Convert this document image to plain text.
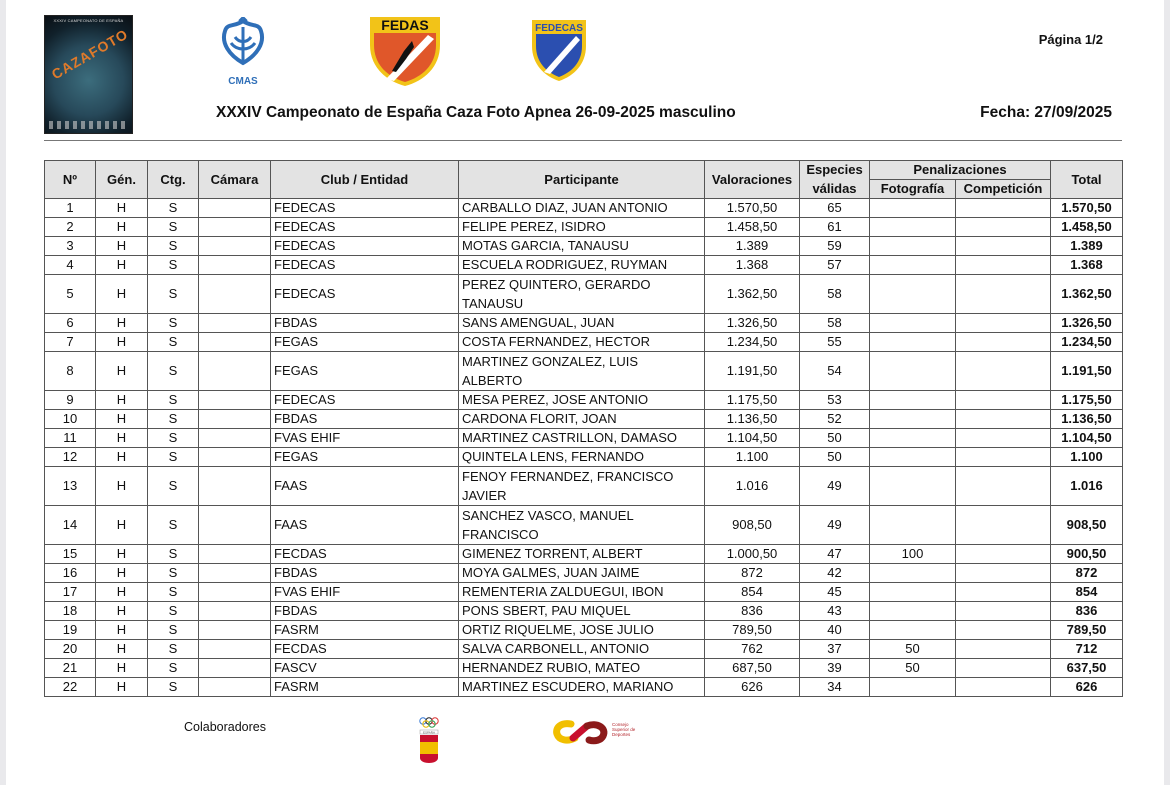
XXXIV CAMPEONATO DE ESPAÑA
CAZAFOTO	CMAS
FEDAS	FEDECAS
Página 1/2
XXXIV Campeonato de España Caza Foto Apnea 26-09-2025 masculino	Fecha: 27/09/2025
Nº	Gén.	Ctg.	Cámara	Club / Entidad	Participante	Valoraciones	Especies	Penalizaciones		Total
							válidas	Fotografía	Competición	
1	H	S		FEDECAS	CARBALLO DIAZ, JUAN ANTONIO	1.570,50	65			1.570,50
2	H	S		FEDECAS	FELIPE PEREZ, ISIDRO	1.458,50	61			1.458,50
3	H	S		FEDECAS	MOTAS GARCIA, TANAUSU	1.389	59			1.389
4	H	S		FEDECAS	ESCUELA RODRIGUEZ, RUYMAN	1.368	57			1.368
5	H	S		FEDECAS	PEREZ QUINTERO, GERARDO TANAUSU	1.362,50	58			1.362,50
6	H	S		FBDAS	SANS AMENGUAL, JUAN	1.326,50	58			1.326,50
7	H	S		FEGAS	COSTA FERNANDEZ, HECTOR	1.234,50	55			1.234,50
8	H	S		FEGAS	MARTINEZ GONZALEZ, LUIS ALBERTO	1.191,50	54			1.191,50
9	H	S		FEDECAS	MESA PEREZ, JOSE ANTONIO	1.175,50	53			1.175,50
10	H	S		FBDAS	CARDONA FLORIT, JOAN	1.136,50	52			1.136,50
11	H	S		FVAS EHIF	MARTINEZ CASTRILLON, DAMASO	1.104,50	50			1.104,50
12	H	S		FEGAS	QUINTELA LENS, FERNANDO	1.100	50			1.100
13	H	S		FAAS	FENOY FERNANDEZ, FRANCISCO JAVIER	1.016	49			1.016
14	H	S		FAAS	SANCHEZ VASCO, MANUEL FRANCISCO	908,50	49			908,50
15	H	S		FECDAS	GIMENEZ TORRENT, ALBERT	1.000,50	47	100		900,50
16	H	S		FBDAS	MOYA GALMES, JUAN JAIME	872	42			872
17	H	S		FVAS EHIF	REMENTERIA ZALDUEGUI, IBON	854	45			854
18	H	S		FBDAS	PONS SBERT, PAU MIQUEL	836	43			836
19	H	S		FASRM	ORTIZ RIQUELME, JOSE JULIO	789,50	40			789,50
20	H	S		FECDAS	SALVA CARBONELL, ANTONIO	762	37	50		712
21	H	S		FASCV	HERNANDEZ RUBIO, MATEO	687,50	39	50		637,50
22	H	S		FASRM	MARTINEZ ESCUDERO, MARIANO	626	34			626
Colaboradores	ESPAÑA
Consejo Superior de Deportes
